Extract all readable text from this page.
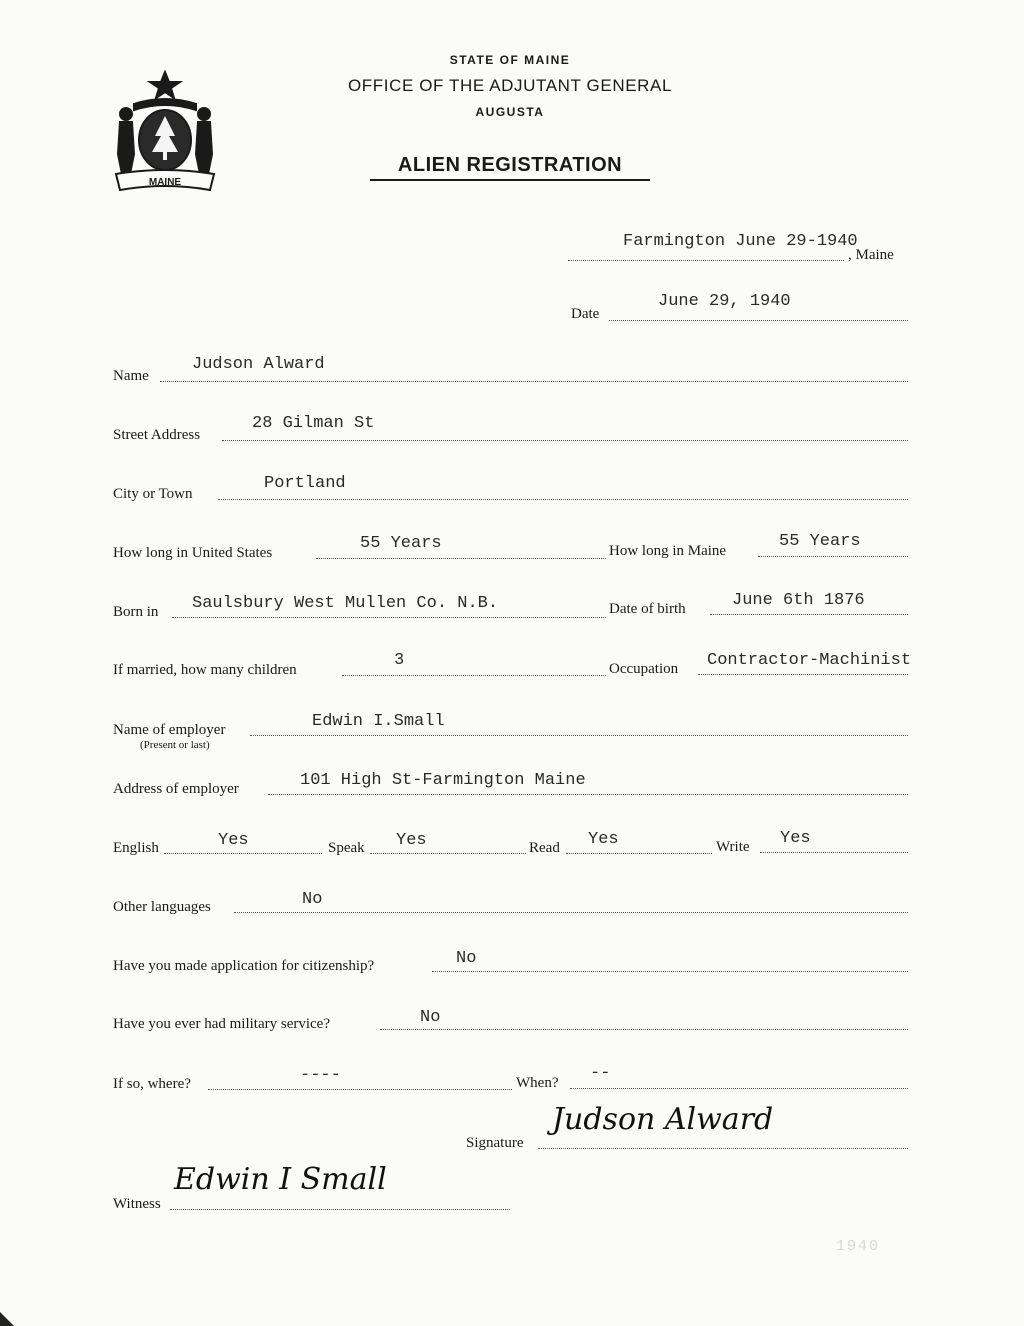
MAINE
STATE OF MAINE
OFFICE OF THE ADJUTANT GENERAL
AUGUSTA
ALIEN REGISTRATION
Farmington June 29-1940
, Maine
Date
June 29, 1940
Name
Judson Alward
Street Address
28 Gilman St
City or Town
Portland
How long in United States	55 Years	How long in Maine	55 Years
Born in Saulsbury West Mullen Co. N.B.	Date of birth	June 6th 1876
If married, how many children	3	Occupation Contractor-Machinist
Name of employer
(Present or last)
Edwin I.Small
Address of employer	101 High St-Farmington Maine
English	Yes	Speak Yes	Read Yes	Write Yes
Other languages	No
Have you made application for citizenship?	No
Have you ever had military service?	No
If so, where?	----	When? --
Signature
Judson Alward
Witness
Edwin I Small
1940
